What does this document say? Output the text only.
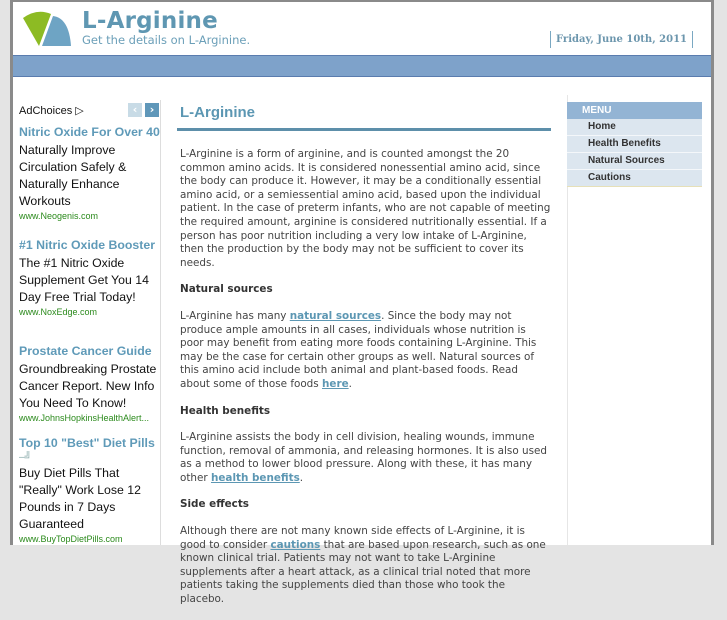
L-Arginine
Get the details on L-Arginine.	Friday, June 10th, 2011
AdChoices ▷	‹	›
Nitric Oxide For Over 40
Naturally Improve Circulation Safely & Naturally Enhance Workouts
www.Neogenis.com
#1 Nitric Oxide Booster
The #1 Nitric Oxide Supplement Get You 14 Day Free Trial Today!
www.NoxEdge.com
Prostate Cancer Guide
Groundbreaking Prostate Cancer Report. New Info You Need To Know!
www.JohnsHopkinsHealthAlert...
Top 10 "Best" Diet Pills
–╝
Buy Diet Pills That "Really" Work Lose 12 Pounds in 7 Days Guaranteed
www.BuyTopDietPills.com
L-Arginine

L-Arginine is a form of arginine, and is counted amongst the 20 common amino acids. It is considered nonessential amino acid, since the body can produce it. However, it may be a conditionally essential amino acid, or a semiessential amino acid, based upon the individual patient. In the case of preterm infants, who are not capable of meeting the required amount, arginine is considered nutritionally essential. If a person has poor nutrition including a very low intake of L-Arginine, then the production by the body may not be sufficient to cover its needs.

Natural sources

L-Arginine has many natural sources. Since the body may not produce ample amounts in all cases, individuals whose nutrition is poor may benefit from eating more foods containing L-Arginine. This may be the case for certain other groups as well. Natural sources of this amino acid include both animal and plant-based foods. Read about some of those foods here.

Health benefits

L-Arginine assists the body in cell division, healing wounds, immune function, removal of ammonia, and releasing hormones. It is also used as a method to lower blood pressure. Along with these, it has many other health benefits.

Side effects

Although there are not many known side effects of L-Arginine, it is good to consider cautions that are based upon research, such as one known clinical trial. Patients may not want to take L-Arginine supplements after a heart attack, as a clinical trial noted that more patients taking the supplements died than those who took the placebo.

MENU
Home
Health Benefits
Natural Sources
Cautions
